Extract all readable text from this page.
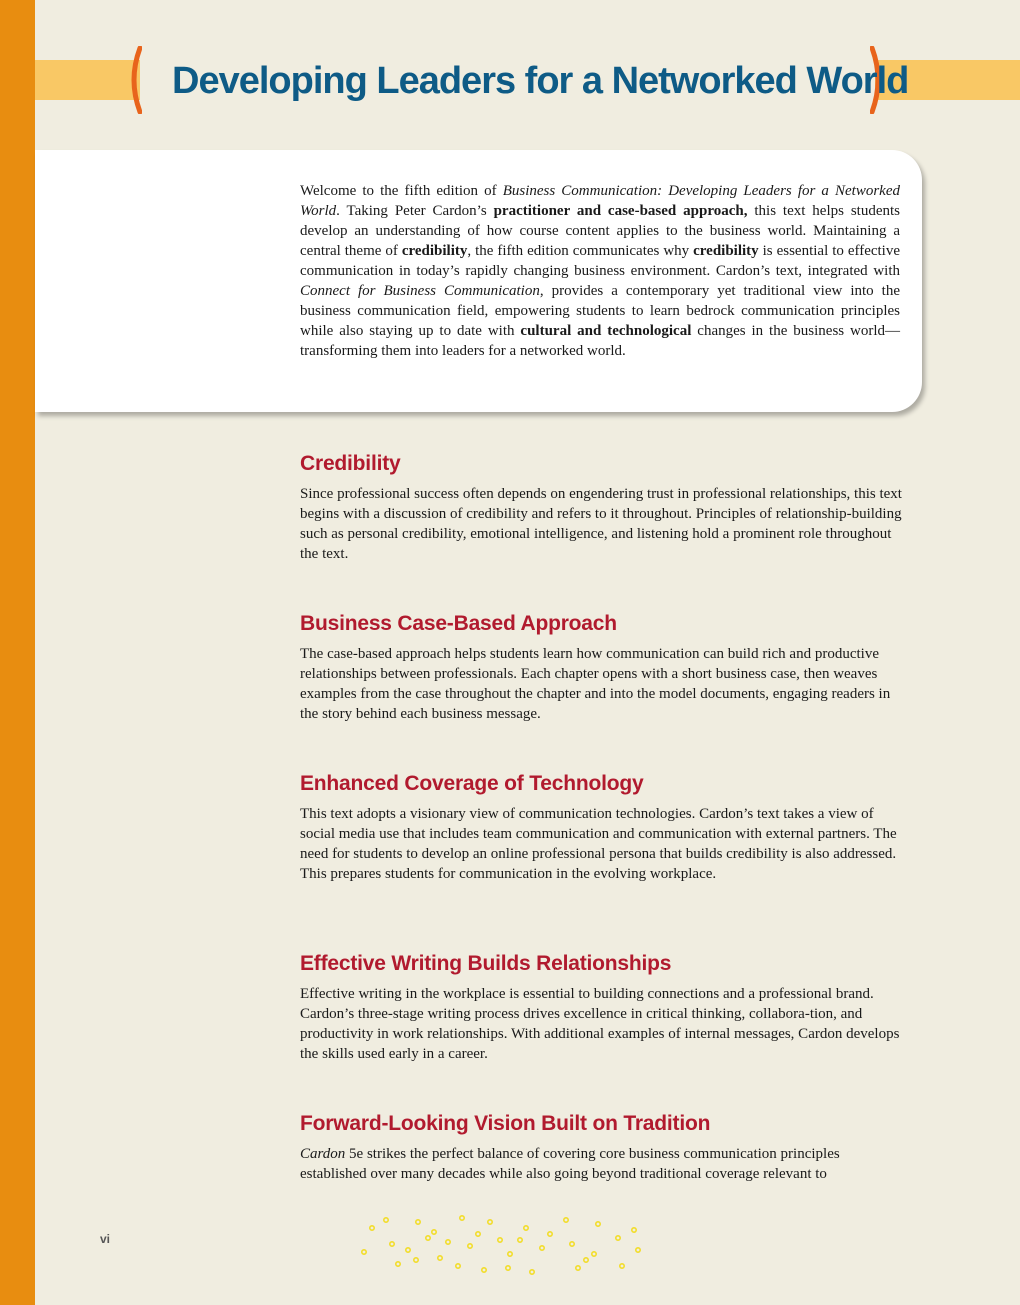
Developing Leaders for a Networked World
Welcome to the fifth edition of Business Communication: Developing Leaders for a Networked World. Taking Peter Cardon’s practitioner and case-based approach, this text helps students develop an understanding of how course content applies to the business world. Maintaining a central theme of credibility, the fifth edition communicates why credibility is essential to effective communication in today’s rapidly changing business environment. Cardon’s text, integrated with Connect for Business Communication, provides a contemporary yet traditional view into the business communication field, empowering students to learn bedrock communication principles while also staying up to date with cultural and technological changes in the business world—transforming them into leaders for a networked world.
Credibility

Since professional success often depends on engendering trust in professional relationships, this text begins with a discussion of credibility and refers to it throughout. Principles of relationship-building such as personal credibility, emotional intelligence, and listening hold a prominent role throughout the text.

Business Case-Based Approach

The case-based approach helps students learn how communication can build rich and productive relationships between professionals. Each chapter opens with a short business case, then weaves examples from the case throughout the chapter and into the model documents, engaging readers in the story behind each business message.

Enhanced Coverage of Technology

This text adopts a visionary view of communication technologies. Cardon’s text takes a view of social media use that includes team communication and communication with external partners. The need for students to develop an online professional persona that builds credibility is also addressed. This prepares students for communication in the evolving workplace.

Effective Writing Builds Relationships

Effective writing in the workplace is essential to building connections and a professional brand. Cardon’s three-stage writing process drives excellence in critical thinking, collabora-tion, and productivity in work relationships. With additional examples of internal messages, Cardon develops the skills used early in a career.

Forward-Looking Vision Built on Tradition

Cardon 5e strikes the perfect balance of covering core business communication principles established over many decades while also going beyond traditional coverage relevant to

vi
